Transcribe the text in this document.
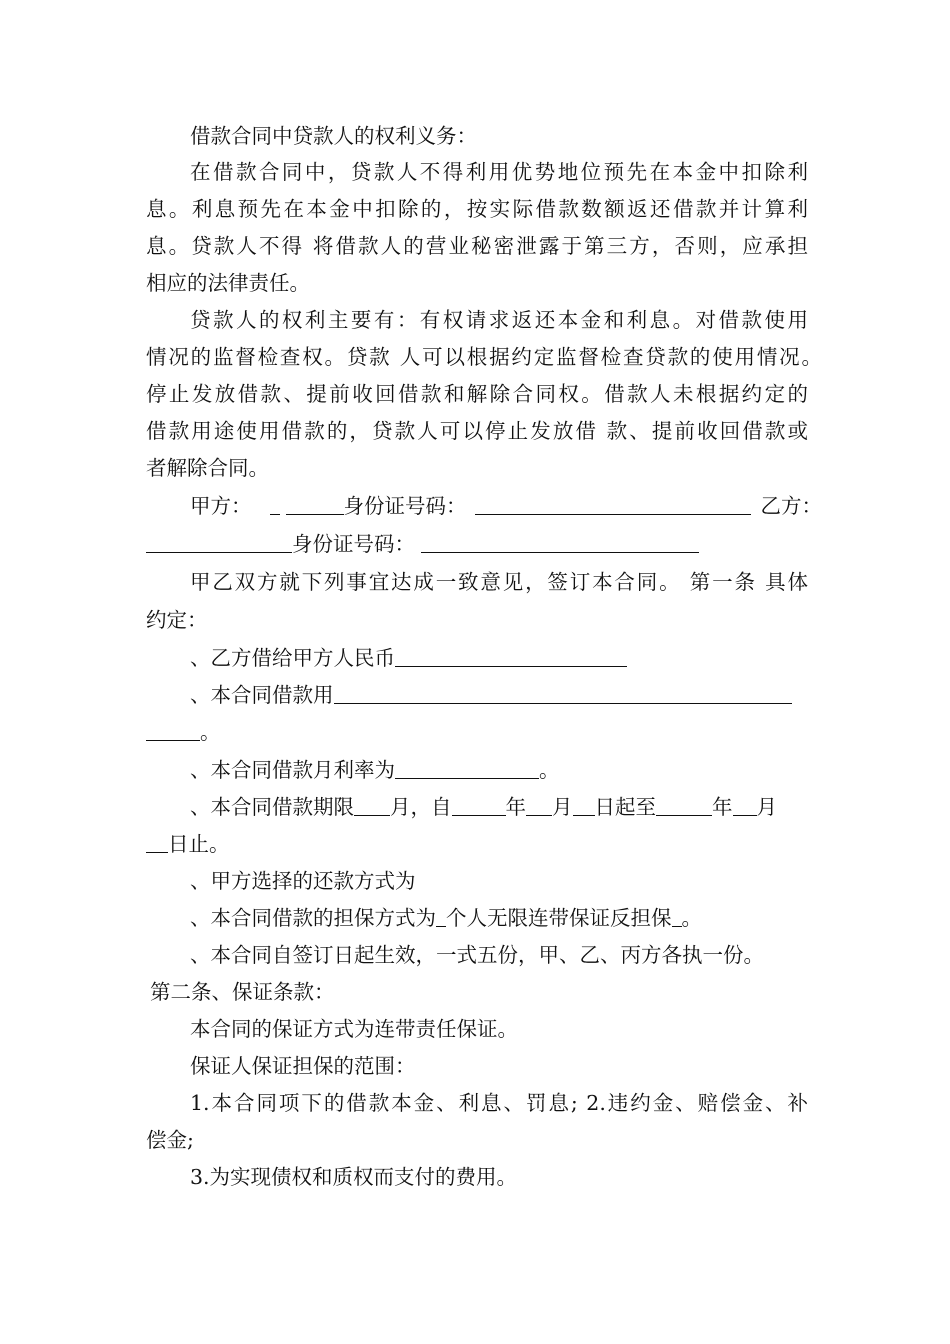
借款合同中贷款人的权利义务：
在借款合同中，贷款人不得利用优势地位预先在本金中扣除利
息。利息预先在本金中扣除的，按实际借款数额返还借款并计算利
息。贷款人不得 将借款人的营业秘密泄露于第三方，否则，应承担
相应的法律责任。
贷款人的权利主要有：有权请求返还本金和利息。对借款使用
情况的监督检查权。贷款 人可以根据约定监督检查贷款的使用情况。
停止发放借款、提前收回借款和解除合同权。借款人未根据约定的
借款用途使用借款的，贷款人可以停止发放借 款、提前收回借款或
者解除合同。
甲方：	身份证号码：	乙方：
身份证号码：
甲乙双方就下列事宜达成一致意见，签订本合同。 第一条 具体
约定：
、乙方借给甲方人民币
、本合同借款用
。
、本合同借款月利率为	。
、本合同借款期限 月，自	年 月 日起至	年 月
日止。
、甲方选择的还款方式为
、本合同借款的担保方式为 个人无限连带保证反担保 。
、本合同自签订日起生效，一式五份，甲、乙、丙方各执一份。
第二条、保证条款：
本合同的保证方式为连带责任保证。
保证人保证担保的范围：
1.本合同项下的借款本金、利息、罚息; 2.违约金、赔偿金、补
偿金;
3.为实现债权和质权而支付的费用。
